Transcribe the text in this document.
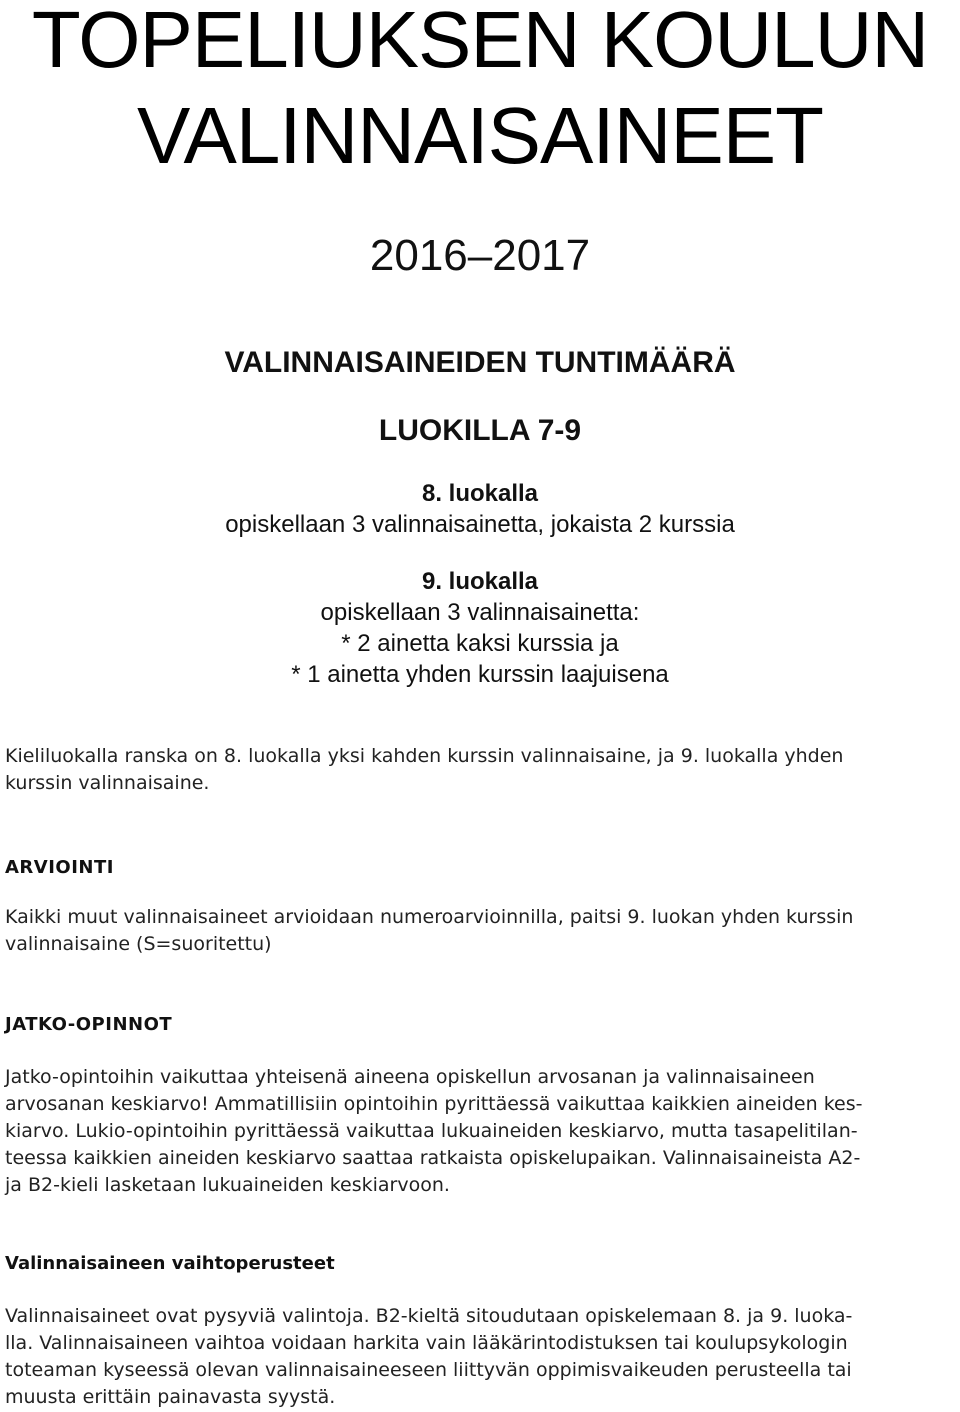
TOPELIUKSEN KOULUN
VALINNAISAINEET
2016–2017
VALINNAISAINEIDEN TUNTIMÄÄRÄ
LUOKILLA 7-9
8. luokalla
opiskellaan 3 valinnaisainetta, jokaista 2 kurssia
9. luokalla
opiskellaan 3 valinnaisainetta:
* 2 ainetta kaksi kurssia ja
* 1 ainetta yhden kurssin laajuisena
Kieliluokalla ranska on 8. luokalla yksi kahden kurssin valinnaisaine, ja 9. luokalla yhden
kurssin valinnaisaine.
ARVIOINTI
Kaikki muut valinnaisaineet arvioidaan numeroarvioinnilla, paitsi 9. luokan yhden kurssin
valinnaisaine (S=suoritettu)
JATKO-OPINNOT
Jatko-opintoihin vaikuttaa yhteisenä aineena opiskellun arvosanan ja valinnaisaineen
arvosanan keskiarvo! Ammatillisiin opintoihin pyrittäessä vaikuttaa kaikkien aineiden kes-
kiarvo. Lukio-opintoihin pyrittäessä vaikuttaa lukuaineiden keskiarvo, mutta tasapelitilan-
teessa kaikkien aineiden keskiarvo saattaa ratkaista opiskelupaikan. Valinnaisaineista A2-
ja B2-kieli lasketaan lukuaineiden keskiarvoon.
Valinnaisaineen vaihtoperusteet
Valinnaisaineet ovat pysyviä valintoja. B2-kieltä sitoudutaan opiskelemaan 8. ja 9. luoka-
lla. Valinnaisaineen vaihtoa voidaan harkita vain lääkärintodistuksen tai koulupsykologin
toteaman kyseessä olevan valinnaisaineeseen liittyvän oppimisvaikeuden perusteella tai
muusta erittäin painavasta syystä.
